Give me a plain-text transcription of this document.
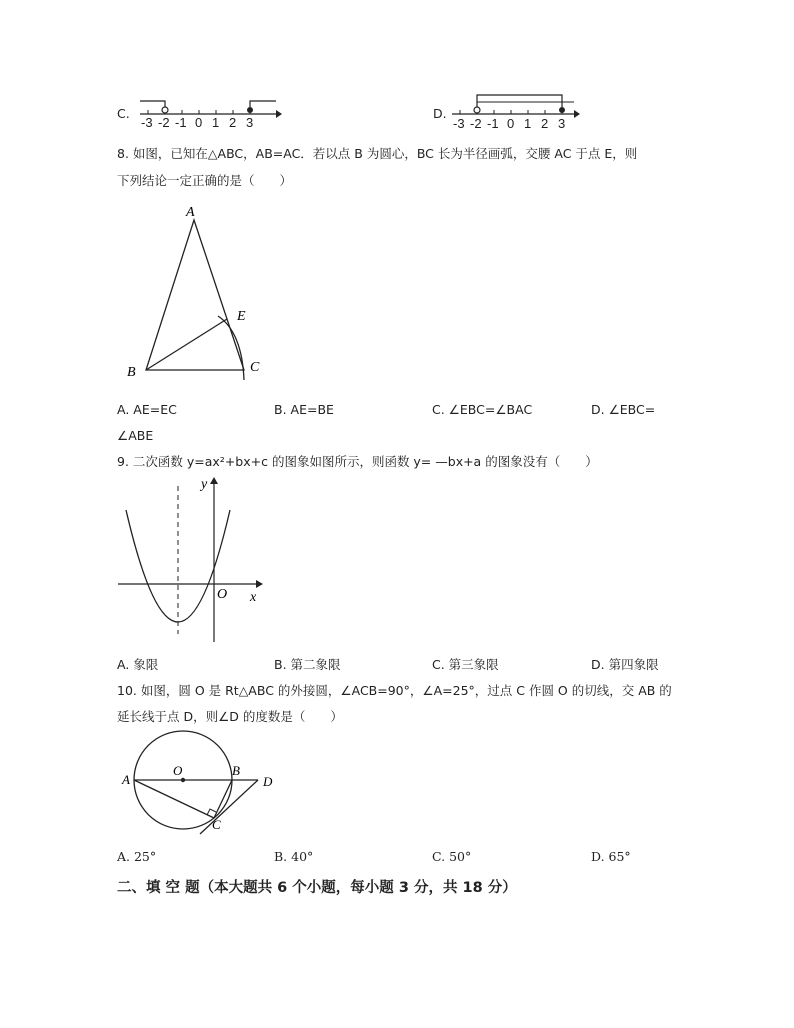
C.
-3 -2 -1 0 1 2 3
D.
-3 -2 -1 0 1 2 3
8. 如图，已知在△ABC，AB=AC．若以点 B 为圆心，BC 长为半径画弧，交腰 AC 于点 E，则
下列结论一定正确的是（　　）
A
B	C
E
A. AE=EC	B. AE=BE	C. ∠EBC=∠BAC	D. ∠EBC=
∠ABE
9. 二次函数 y=ax²+bx+c 的图象如图所示，则函数 y= —bx+a 的图象没有（　　）
y
x
O
A. 象限	B. 第二象限	C. 第三象限	D. 第四象限
10. 如图，圆 O 是 Rt△ABC 的外接圆，∠ACB=90°，∠A=25°，过点 C 作圆 O 的切线，交 AB 的
延长线于点 D，则∠D 的度数是（　　）
A
O	B
D
C
A. 25°	B. 40°	C. 50°	D. 65°
二、填 空 题（本大题共 6 个小题，每小题 3 分，共 18 分）
